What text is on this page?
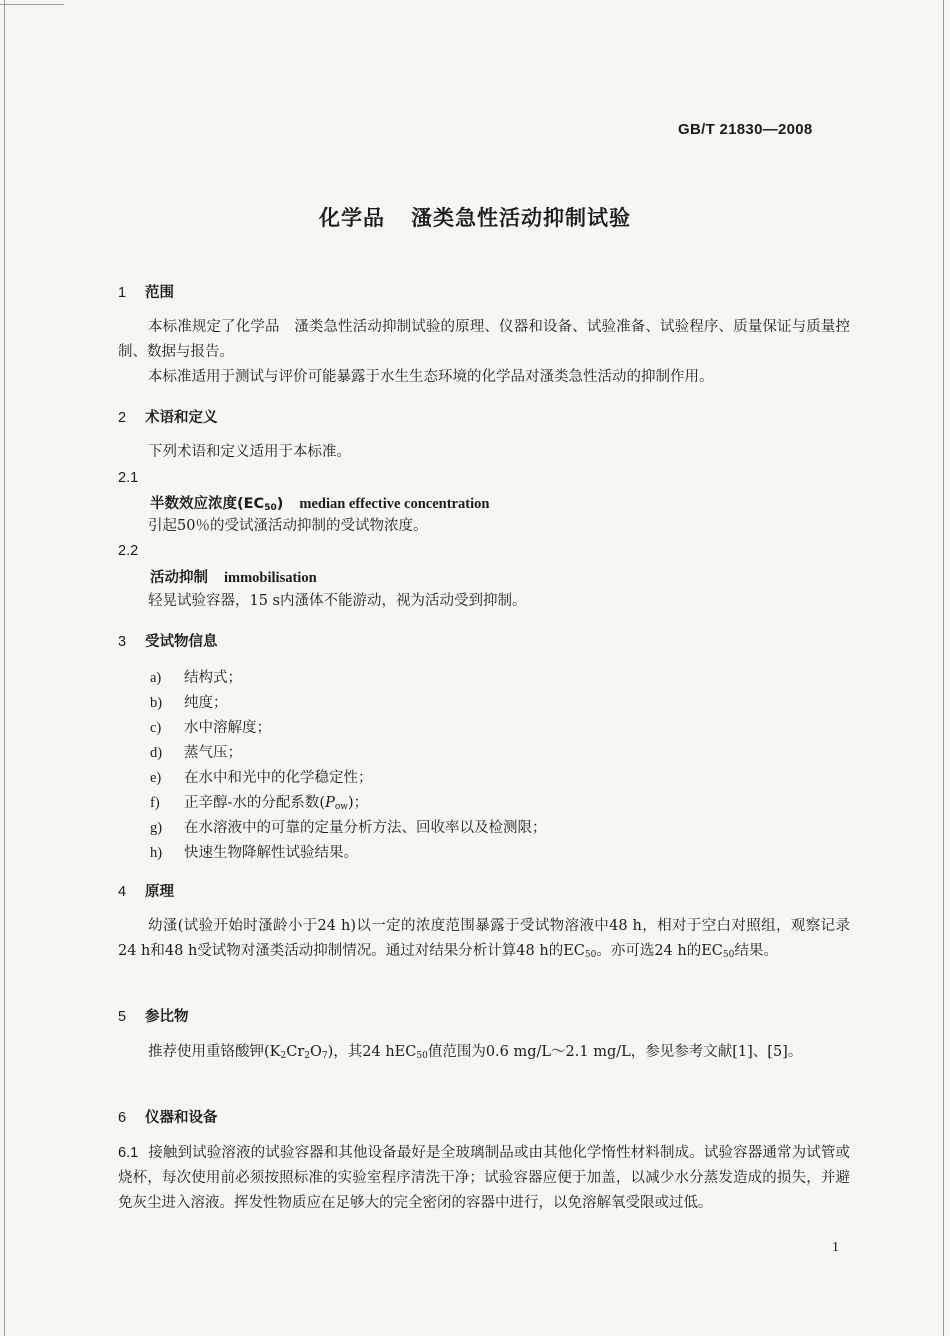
GB/T 21830—2008
化学品 溞类急性活动抑制试验
1 范围
本标准规定了化学品　溞类急性活动抑制试验的原理、仪器和设备、试验准备、试验程序、质量保证与质量控制、数据与报告。
本标准适用于测试与评价可能暴露于水生生态环境的化学品对溞类急性活动的抑制作用。
2 术语和定义
下列术语和定义适用于本标准。
2.1
半数效应浓度$(EC_{50})$ median effective concentration
引起50％的受试溞活动抑制的受试物浓度。
2.2
活动抑制 immobilisation
轻晃试验容器，15 s内溞体不能游动，视为活动受到抑制。
3 受试物信息
a) 结构式；
b) 纯度；
c) 水中溶解度；
d) 蒸气压；
e) 在水中和光中的化学稳定性；
f) 正辛醇-水的分配系数$(P_{ow})$；
g) 在水溶液中的可靠的定量分析方法、回收率以及检测限；
h) 快速生物降解性试验结果。
4 原理
幼溞(试验开始时溞龄小于24 h)以一定的浓度范围暴露于受试物溶液中48 h，相对于空白对照组，观察记录24 h和48 h受试物对溞类活动抑制情况。通过对结果分析计算48 h的$EC_{50}$。亦可选24 h的$EC_{50}$结果。
5 参比物
推荐使用重铬酸钾$(K_2Cr_2O_7)$，其24 hEC$_{50}$值范围为0.6 mg/L～2.1 mg/L，参见参考文献[1]、[5]。
6 仪器和设备
6.1 接触到试验溶液的试验容器和其他设备最好是全玻璃制品或由其他化学惰性材料制成。试验容器通常为试管或烧杯，每次使用前必须按照标准的实验室程序清洗干净；试验容器应便于加盖，以减少水分蒸发造成的损失，并避免灰尘进入溶液。挥发性物质应在足够大的完全密闭的容器中进行，以免溶解氧受限或过低。
1
